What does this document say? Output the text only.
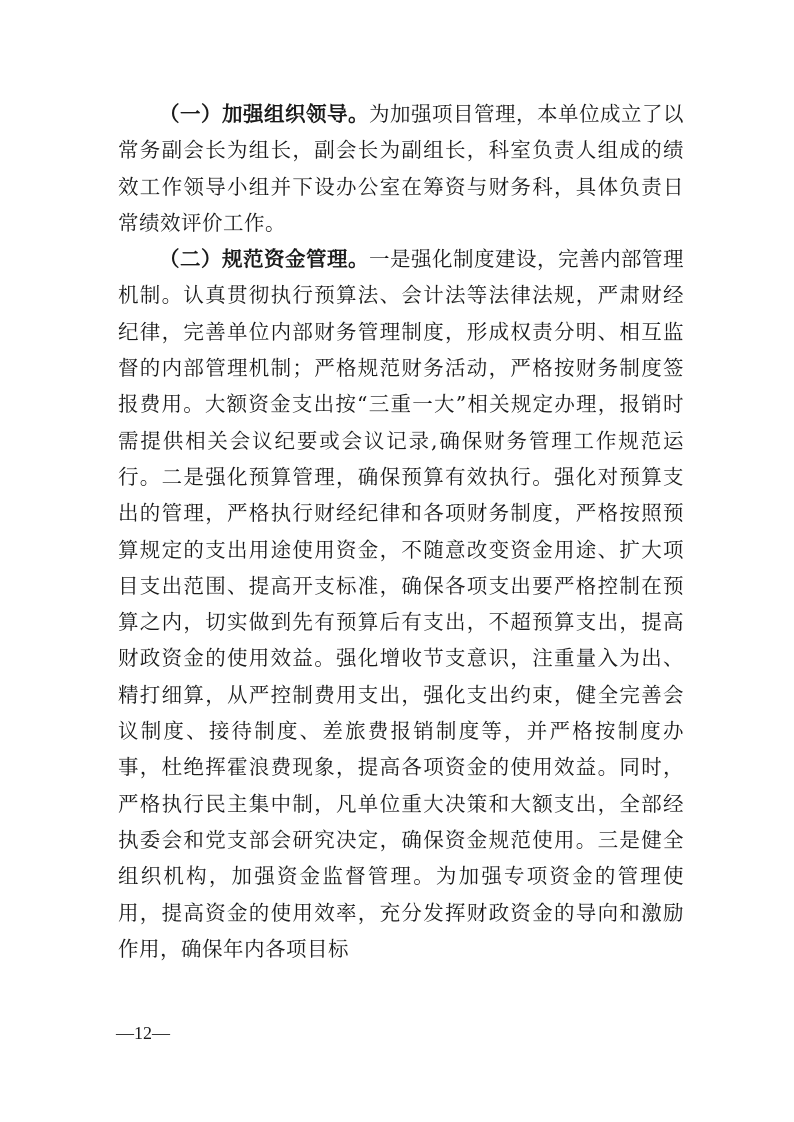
（一）加强组织领导。为加强项目管理，本单位成立了以常务副会长为组长，副会长为副组长，科室负责人组成的绩效工作领导小组并下设办公室在筹资与财务科，具体负责日常绩效评价工作。

（二）规范资金管理。一是强化制度建设，完善内部管理机制。认真贯彻执行预算法、会计法等法律法规，严肃财经纪律，完善单位内部财务管理制度，形成权责分明、相互监督的内部管理机制；严格规范财务活动，严格按财务制度签报费用。大额资金支出按“三重一大”相关规定办理，报销时需提供相关会议纪要或会议记录,确保财务管理工作规范运行。二是强化预算管理，确保预算有效执行。强化对预算支出的管理，严格执行财经纪律和各项财务制度，严格按照预算规定的支出用途使用资金，不随意改变资金用途、扩大项目支出范围、提高开支标准，确保各项支出要严格控制在预算之内，切实做到先有预算后有支出，不超预算支出，提高财政资金的使用效益。强化增收节支意识，注重量入为出、精打细算，从严控制费用支出，强化支出约束，健全完善会议制度、接待制度、差旅费报销制度等，并严格按制度办事，杜绝挥霍浪费现象，提高各项资金的使用效益。同时，严格执行民主集中制，凡单位重大决策和大额支出，全部经执委会和党支部会研究决定，确保资金规范使用。三是健全组织机构，加强资金监督管理。为加强专项资金的管理使用，提高资金的使用效率，充分发挥财政资金的导向和激励作用，确保年内各项目标

—12—
